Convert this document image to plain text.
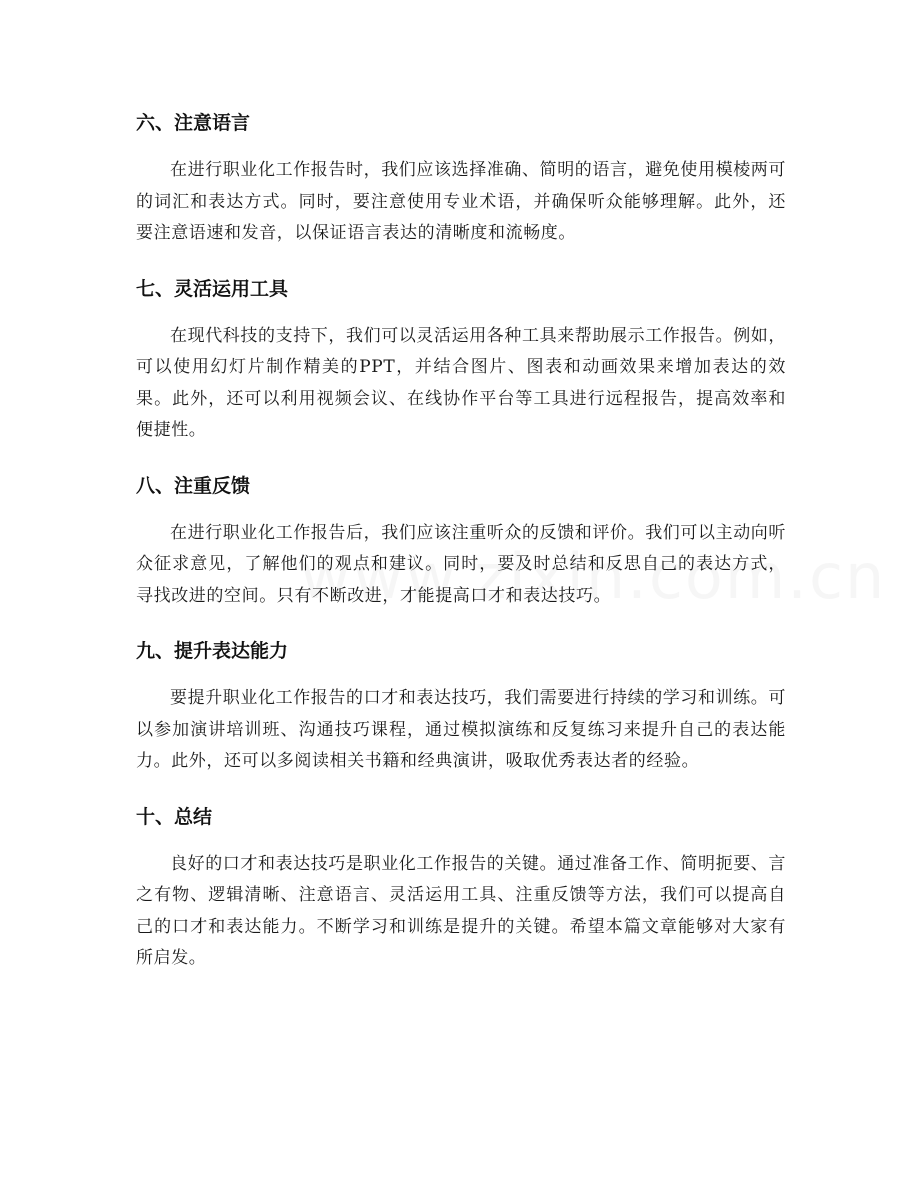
六、注意语言

在进行职业化工作报告时，我们应该选择准确、简明的语言，避免使用模棱两可的词汇和表达方式。同时，要注意使用专业术语，并确保听众能够理解。此外，还要注意语速和发音，以保证语言表达的清晰度和流畅度。

七、灵活运用工具

在现代科技的支持下，我们可以灵活运用各种工具来帮助展示工作报告。例如，可以使用幻灯片制作精美的PPT，并结合图片、图表和动画效果来增加表达的效果。此外，还可以利用视频会议、在线协作平台等工具进行远程报告，提高效率和便捷性。

八、注重反馈

在进行职业化工作报告后，我们应该注重听众的反馈和评价。我们可以主动向听众征求意见，了解他们的观点和建议。同时，要及时总结和反思自己的表达方式，寻找改进的空间。只有不断改进，才能提高口才和表达技巧。

九、提升表达能力

要提升职业化工作报告的口才和表达技巧，我们需要进行持续的学习和训练。可以参加演讲培训班、沟通技巧课程，通过模拟演练和反复练习来提升自己的表达能力。此外，还可以多阅读相关书籍和经典演讲，吸取优秀表达者的经验。

十、总结

良好的口才和表达技巧是职业化工作报告的关键。通过准备工作、简明扼要、言之有物、逻辑清晰、注意语言、灵活运用工具、注重反馈等方法，我们可以提高自己的口才和表达能力。不断学习和训练是提升的关键。希望本篇文章能够对大家有所启发。
